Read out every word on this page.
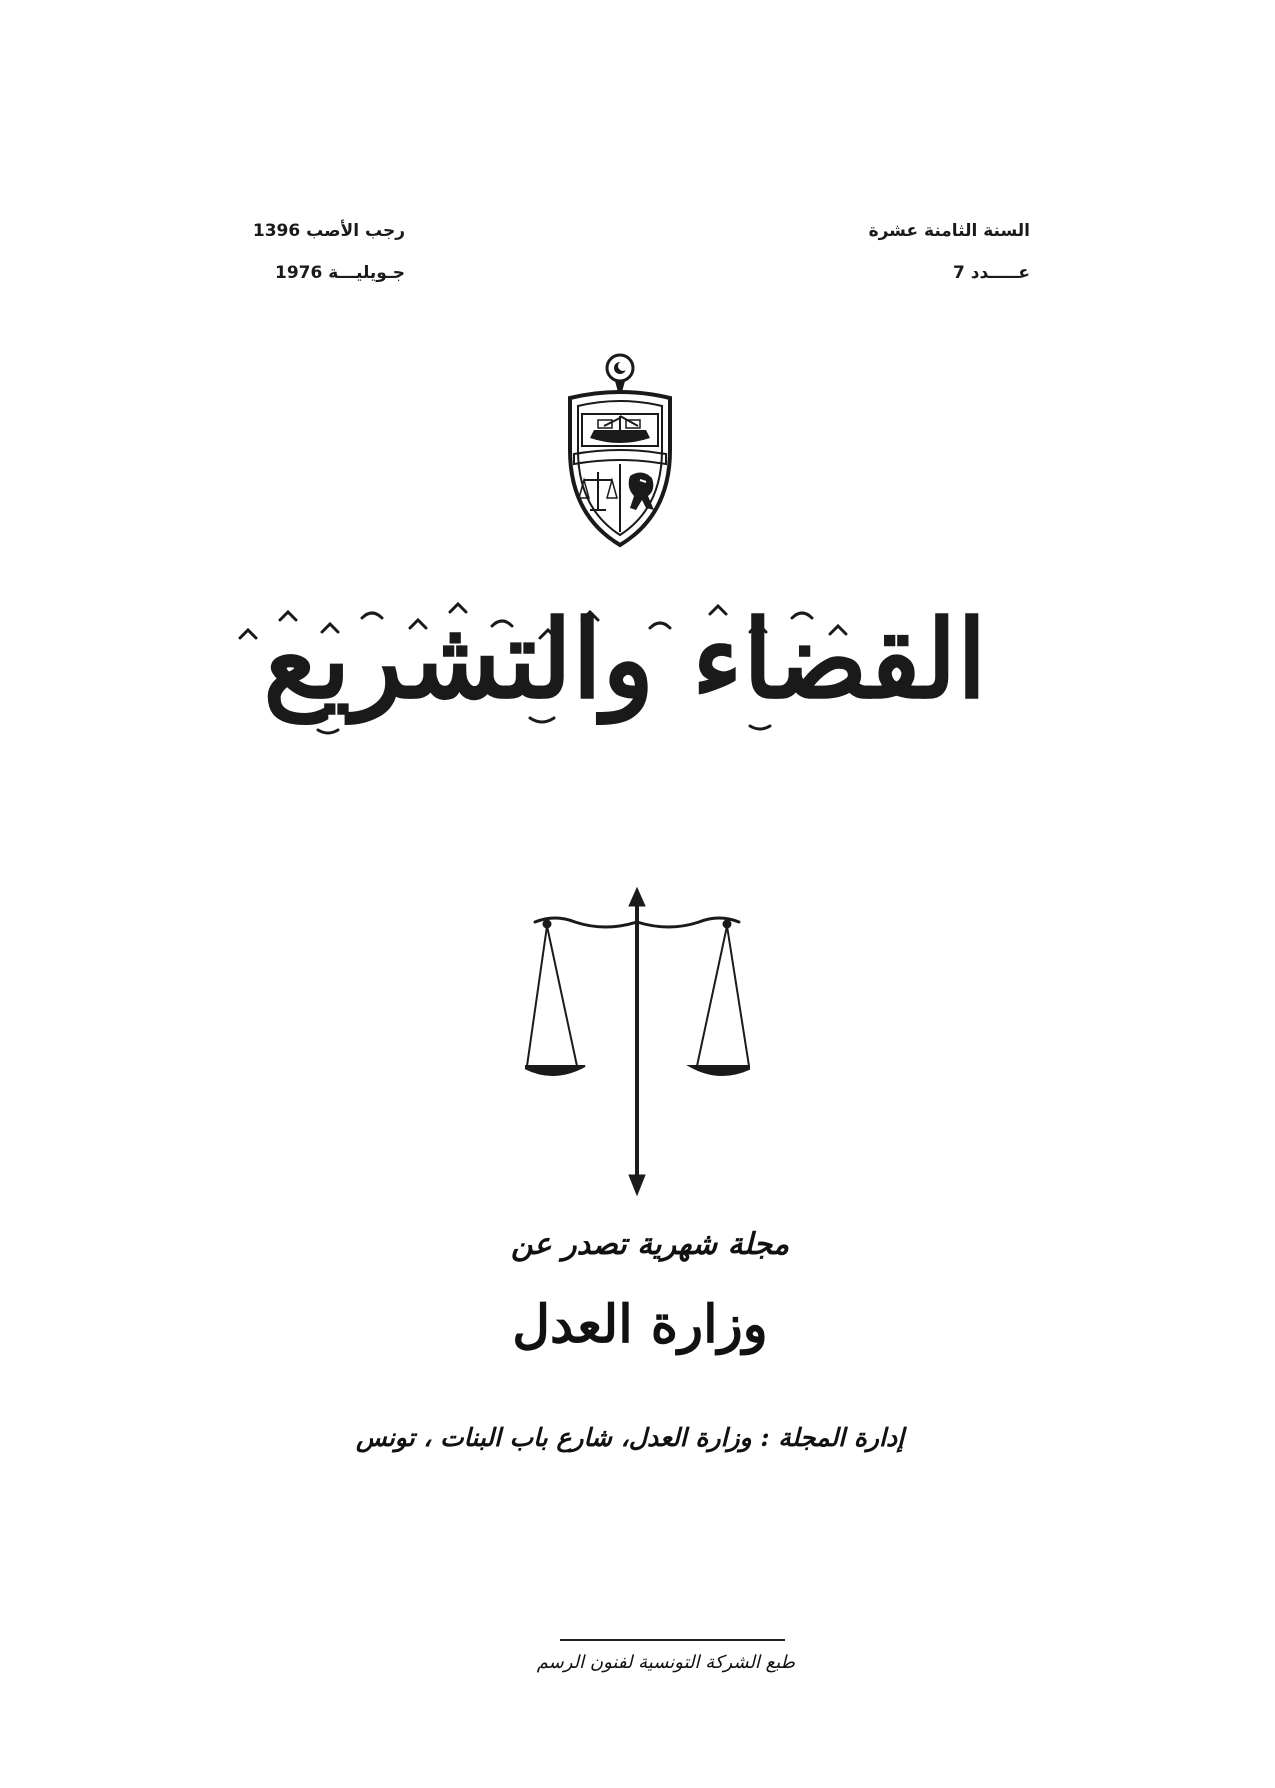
السنة الثامنة عشرة
عـــــدد 7
رجب الأصب 1396
جـويليـــة 1976
القضاء والتشريع
مجلة شهرية تصدر عن
وزارة العدل
إدارة المجلة : وزارة العدل، شارع باب البنات ، تونس
طبع الشركة التونسية لفنون الرسم
